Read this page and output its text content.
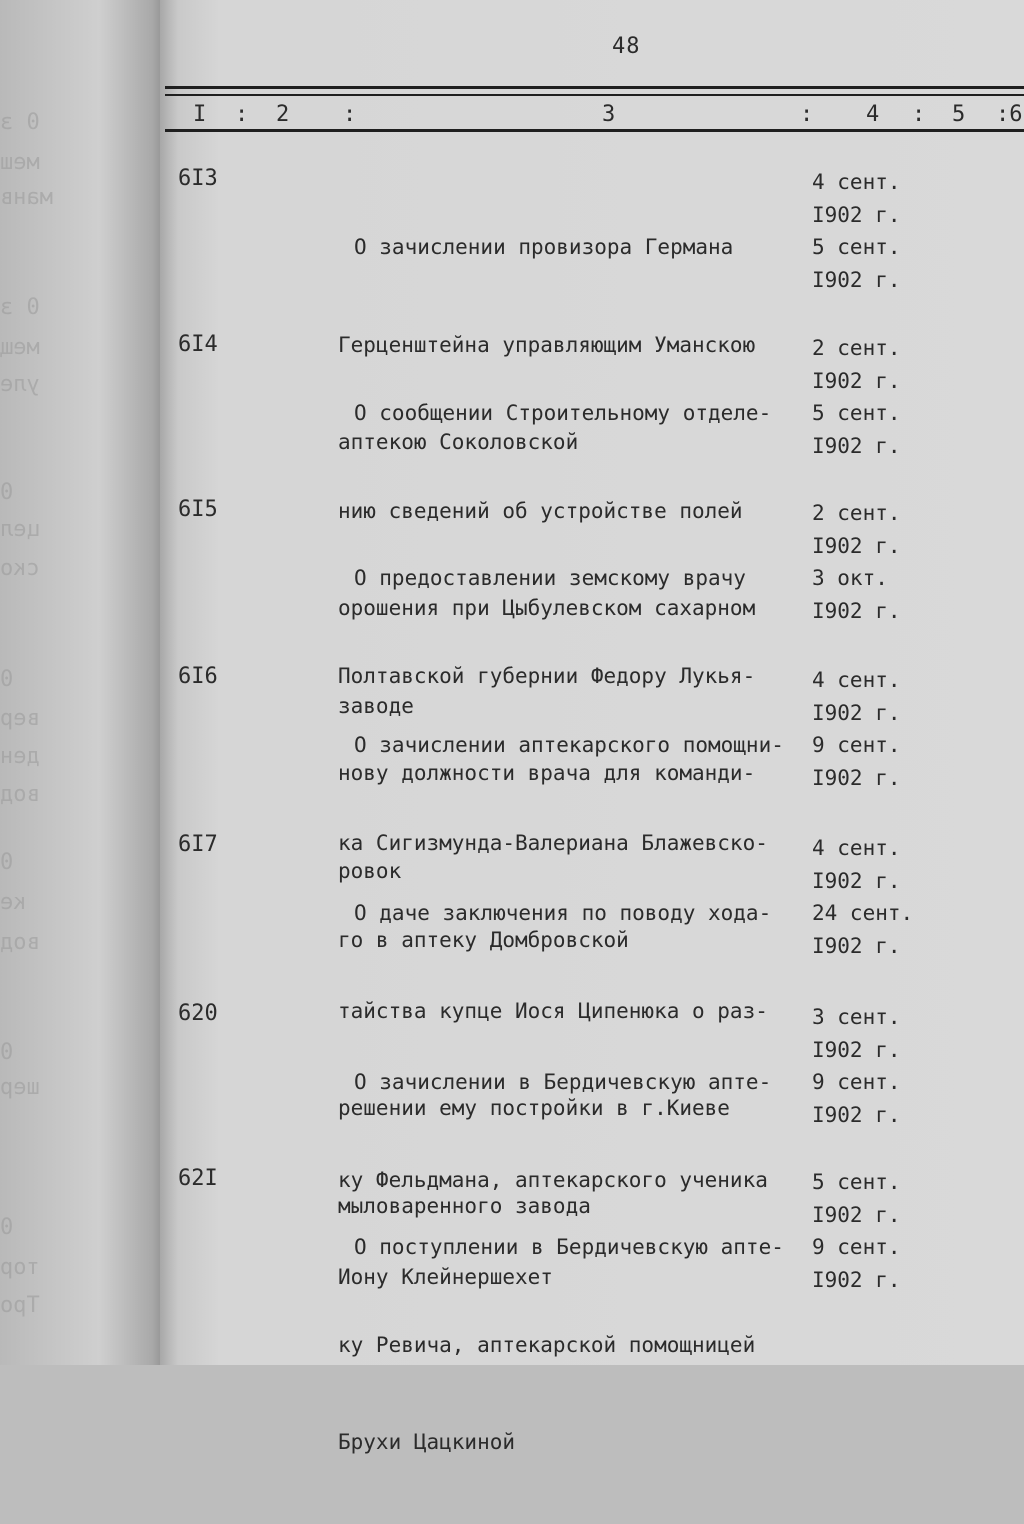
0 з
меш
манв
0 з
мещ
уле
0
цел
ско
0
вер
ден
вод
0
ке
вод
0
шер
0
тор
Тро
48
I : 2 :	3	: 4 : 5 :6
6I3

О зачислении провизора Германа

Герценштейна управляющим Уманскою

аптекою Соколовской

4 сент.
I902 г.
5 сент.
I902 г.
6I4

О сообщении Строительному отделе-

нию сведений об устройстве полей

орошения при Цыбулевском сахарном

заводе

2 сент.
I902 г.
5 сент.
I902 г.
6I5

О предоставлении земскому врачу

Полтавской губернии Федору Лукья-

нову должности врача для команди-

ровок

2 сент.
I902 г.
3 окт.
I902 г.
6I6

О зачислении аптекарского помощни-

ка Сигизмунда-Валериана Блажевско-

го в аптеку Домбровской

4 сент.
I902 г.
9 сент.
I902 г.
6I7

О даче заключения по поводу хода-

тайства купце Иося Ципенюка о раз-

решении ему постройки в г.Киеве

мыловаренного завода

4 сент.
I902 г.
24 сент.
I902 г.
620

О зачислении в Бердичевскую апте-

ку Фельдмана, аптекарского ученика

Иону Клейнершехет

3 сент.
I902 г.
9 сент.
I902 г.
62I

О поступлении в Бердичевскую апте-

ку Ревича, аптекарской помощницей

Брухи Цацкиной

5 сент.
I902 г.
9 сент.
I902 г.
